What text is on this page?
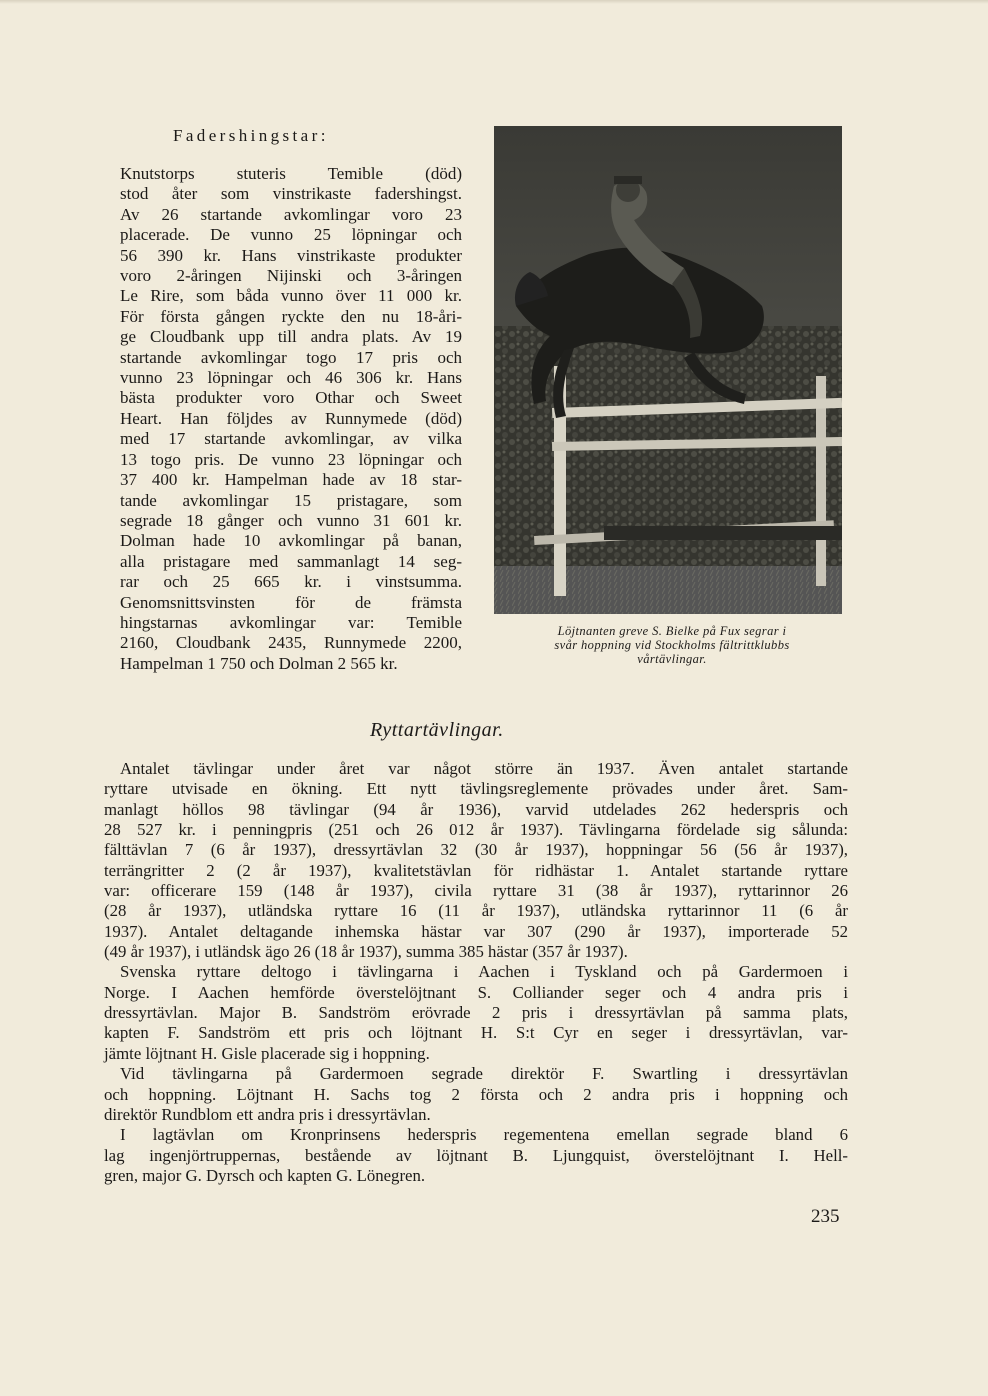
Fadershingstar:

Knutstorps stuteris Temible (död)
stod åter som vinstrikaste fadershingst.
Av 26 startande avkomlingar voro 23
placerade. De vunno 25 löpningar och
56 390 kr. Hans vinstrikaste produkter
voro 2-åringen Nijinski och 3-åringen
Le Rire, som båda vunno över 11 000 kr.
För första gången ryckte den nu 18-åri-
ge Cloudbank upp till andra plats. Av 19
startande avkomlingar togo 17 pris och
vunno 23 löpningar och 46 306 kr. Hans
bästa produkter voro Othar och Sweet
Heart. Han följdes av Runnymede (död)
med 17 startande avkomlingar, av vilka
13 togo pris. De vunno 23 löpningar och
37 400 kr. Hampelman hade av 18 star-
tande avkomlingar 15 pristagare, som
segrade 18 gånger och vunno 31 601 kr.
Dolman hade 10 avkomlingar på banan,
alla pristagare med sammanlagt 14 seg-
rar och 25 665 kr. i vinstsumma.
Genomsnittsvinsten för de främsta
hingstarnas avkomlingar var: Temible
2160, Cloudbank 2435, Runnymede 2200,
Hampelman 1 750 och Dolman 2 565 kr.

Löjtnanten greve S. Bielke på Fux segrar i
svår hoppning vid Stockholms fältrittklubbs
vårtävlingar.
Ryttartävlingar.

Antalet tävlingar under året var något större än 1937. Även antalet startande
ryttare utvisade en ökning. Ett nytt tävlingsreglemente prövades under året. Sam-
manlagt höllos 98 tävlingar (94 år 1936), varvid utdelades 262 hederspris och
28 527 kr. i penningpris (251 och 26 012 år 1937). Tävlingarna fördelade sig sålunda:
fälttävlan 7 (6 år 1937), dressyrtävlan 32 (30 år 1937), hoppningar 56 (56 år 1937),
terrängritter 2 (2 år 1937), kvalitetstävlan för ridhästar 1. Antalet startande ryttare
var: officerare 159 (148 år 1937), civila ryttare 31 (38 år 1937), ryttarinnor 26
(28 år 1937), utländska ryttare 16 (11 år 1937), utländska ryttarinnor 11 (6 år
1937). Antalet deltagande inhemska hästar var 307 (290 år 1937), importerade 52
(49 år 1937), i utländsk ägo 26 (18 år 1937), summa 385 hästar (357 år 1937).

Svenska ryttare deltogo i tävlingarna i Aachen i Tyskland och på Gardermoen i
Norge. I Aachen hemförde överstelöjtnant S. Colliander seger och 4 andra pris i
dressyrtävlan. Major B. Sandström erövrade 2 pris i dressyrtävlan på samma plats,
kapten F. Sandström ett pris och löjtnant H. S:t Cyr en seger i dressyrtävlan, var-
jämte löjtnant H. Gisle placerade sig i hoppning.

Vid tävlingarna på Gardermoen segrade direktör F. Swartling i dressyrtävlan
och hoppning. Löjtnant H. Sachs tog 2 första och 2 andra pris i hoppning och
direktör Rundblom ett andra pris i dressyrtävlan.

I lagtävlan om Kronprinsens hederspris regementena emellan segrade bland 6
lag ingenjörtruppernas, bestående av löjtnant B. Ljungquist, överstelöjtnant I. Hell-
gren, major G. Dyrsch och kapten G. Lönegren.

235
